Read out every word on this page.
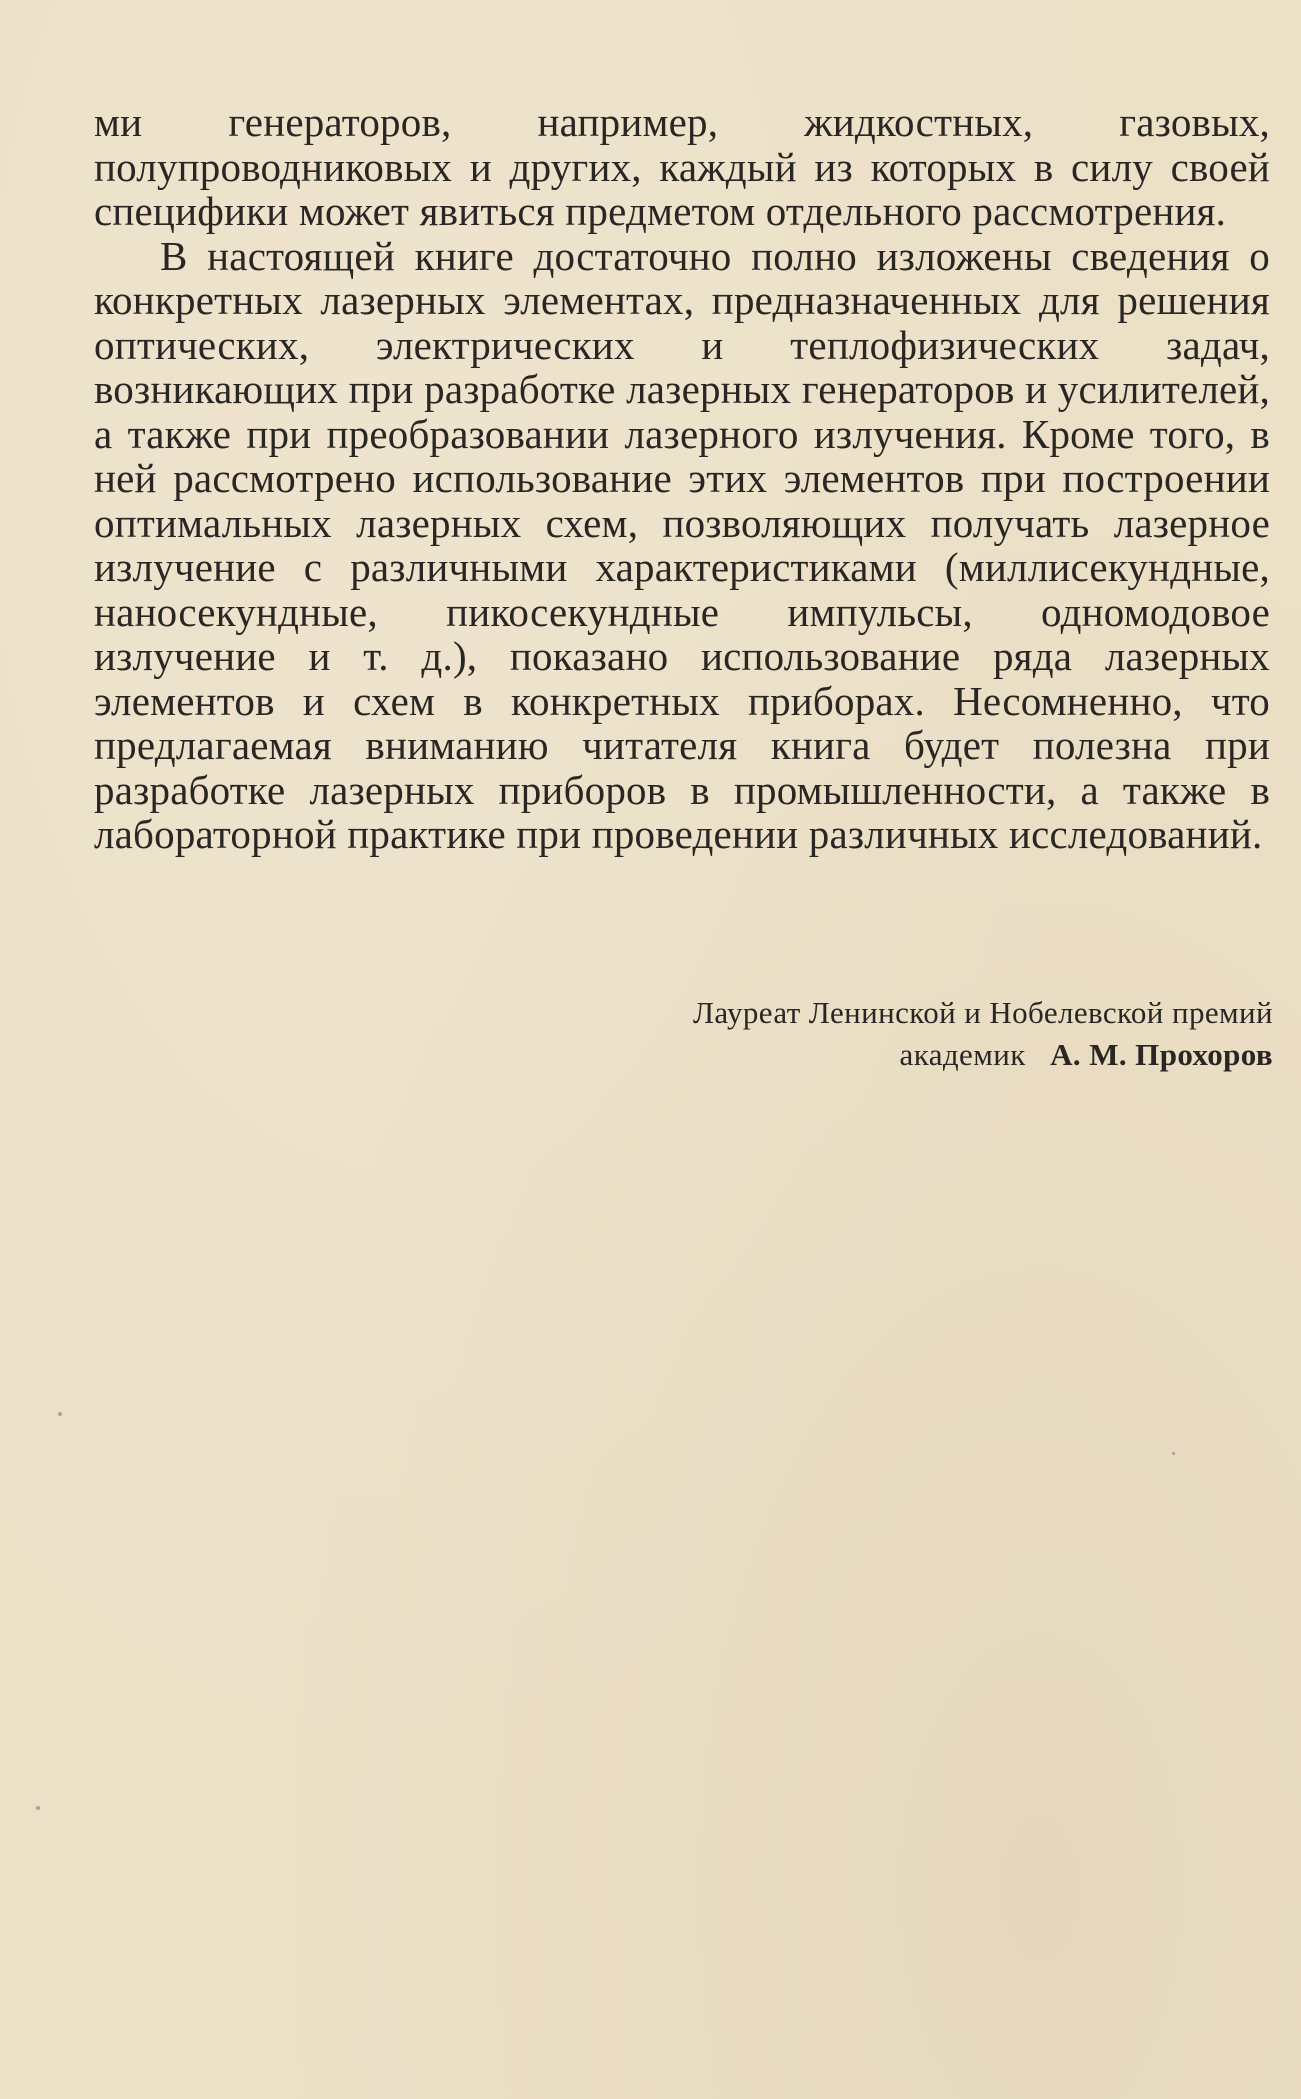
ми генераторов, например, жидкостных, газовых, полупроводниковых и других, каждый из которых в силу своей специфики может явиться предметом отдельного рассмотрения.

В настоящей книге достаточно полно изложены сведения о конкретных лазерных элементах, предназначенных для решения оптических, электрических и теплофизических задач, возникающих при разработке лазерных генераторов и усилителей, а также при преобразовании лазерного излучения. Кроме того, в ней рассмотрено использование этих элементов при построении оптимальных лазерных схем, позволяющих получать лазерное излучение с различными характеристиками (миллисекундные, наносекундные, пикосекундные импульсы, одномодовое излучение и т. д.), показано использование ряда лазерных элементов и схем в конкретных приборах. Несомненно, что предлагаемая вниманию читателя книга будет полезна при разработке лазерных приборов в промышленности, а также в лабораторной практике при проведении различных исследований.

Лауреат Ленинской и Нобелевской премий
академик А. М. Прохоров
